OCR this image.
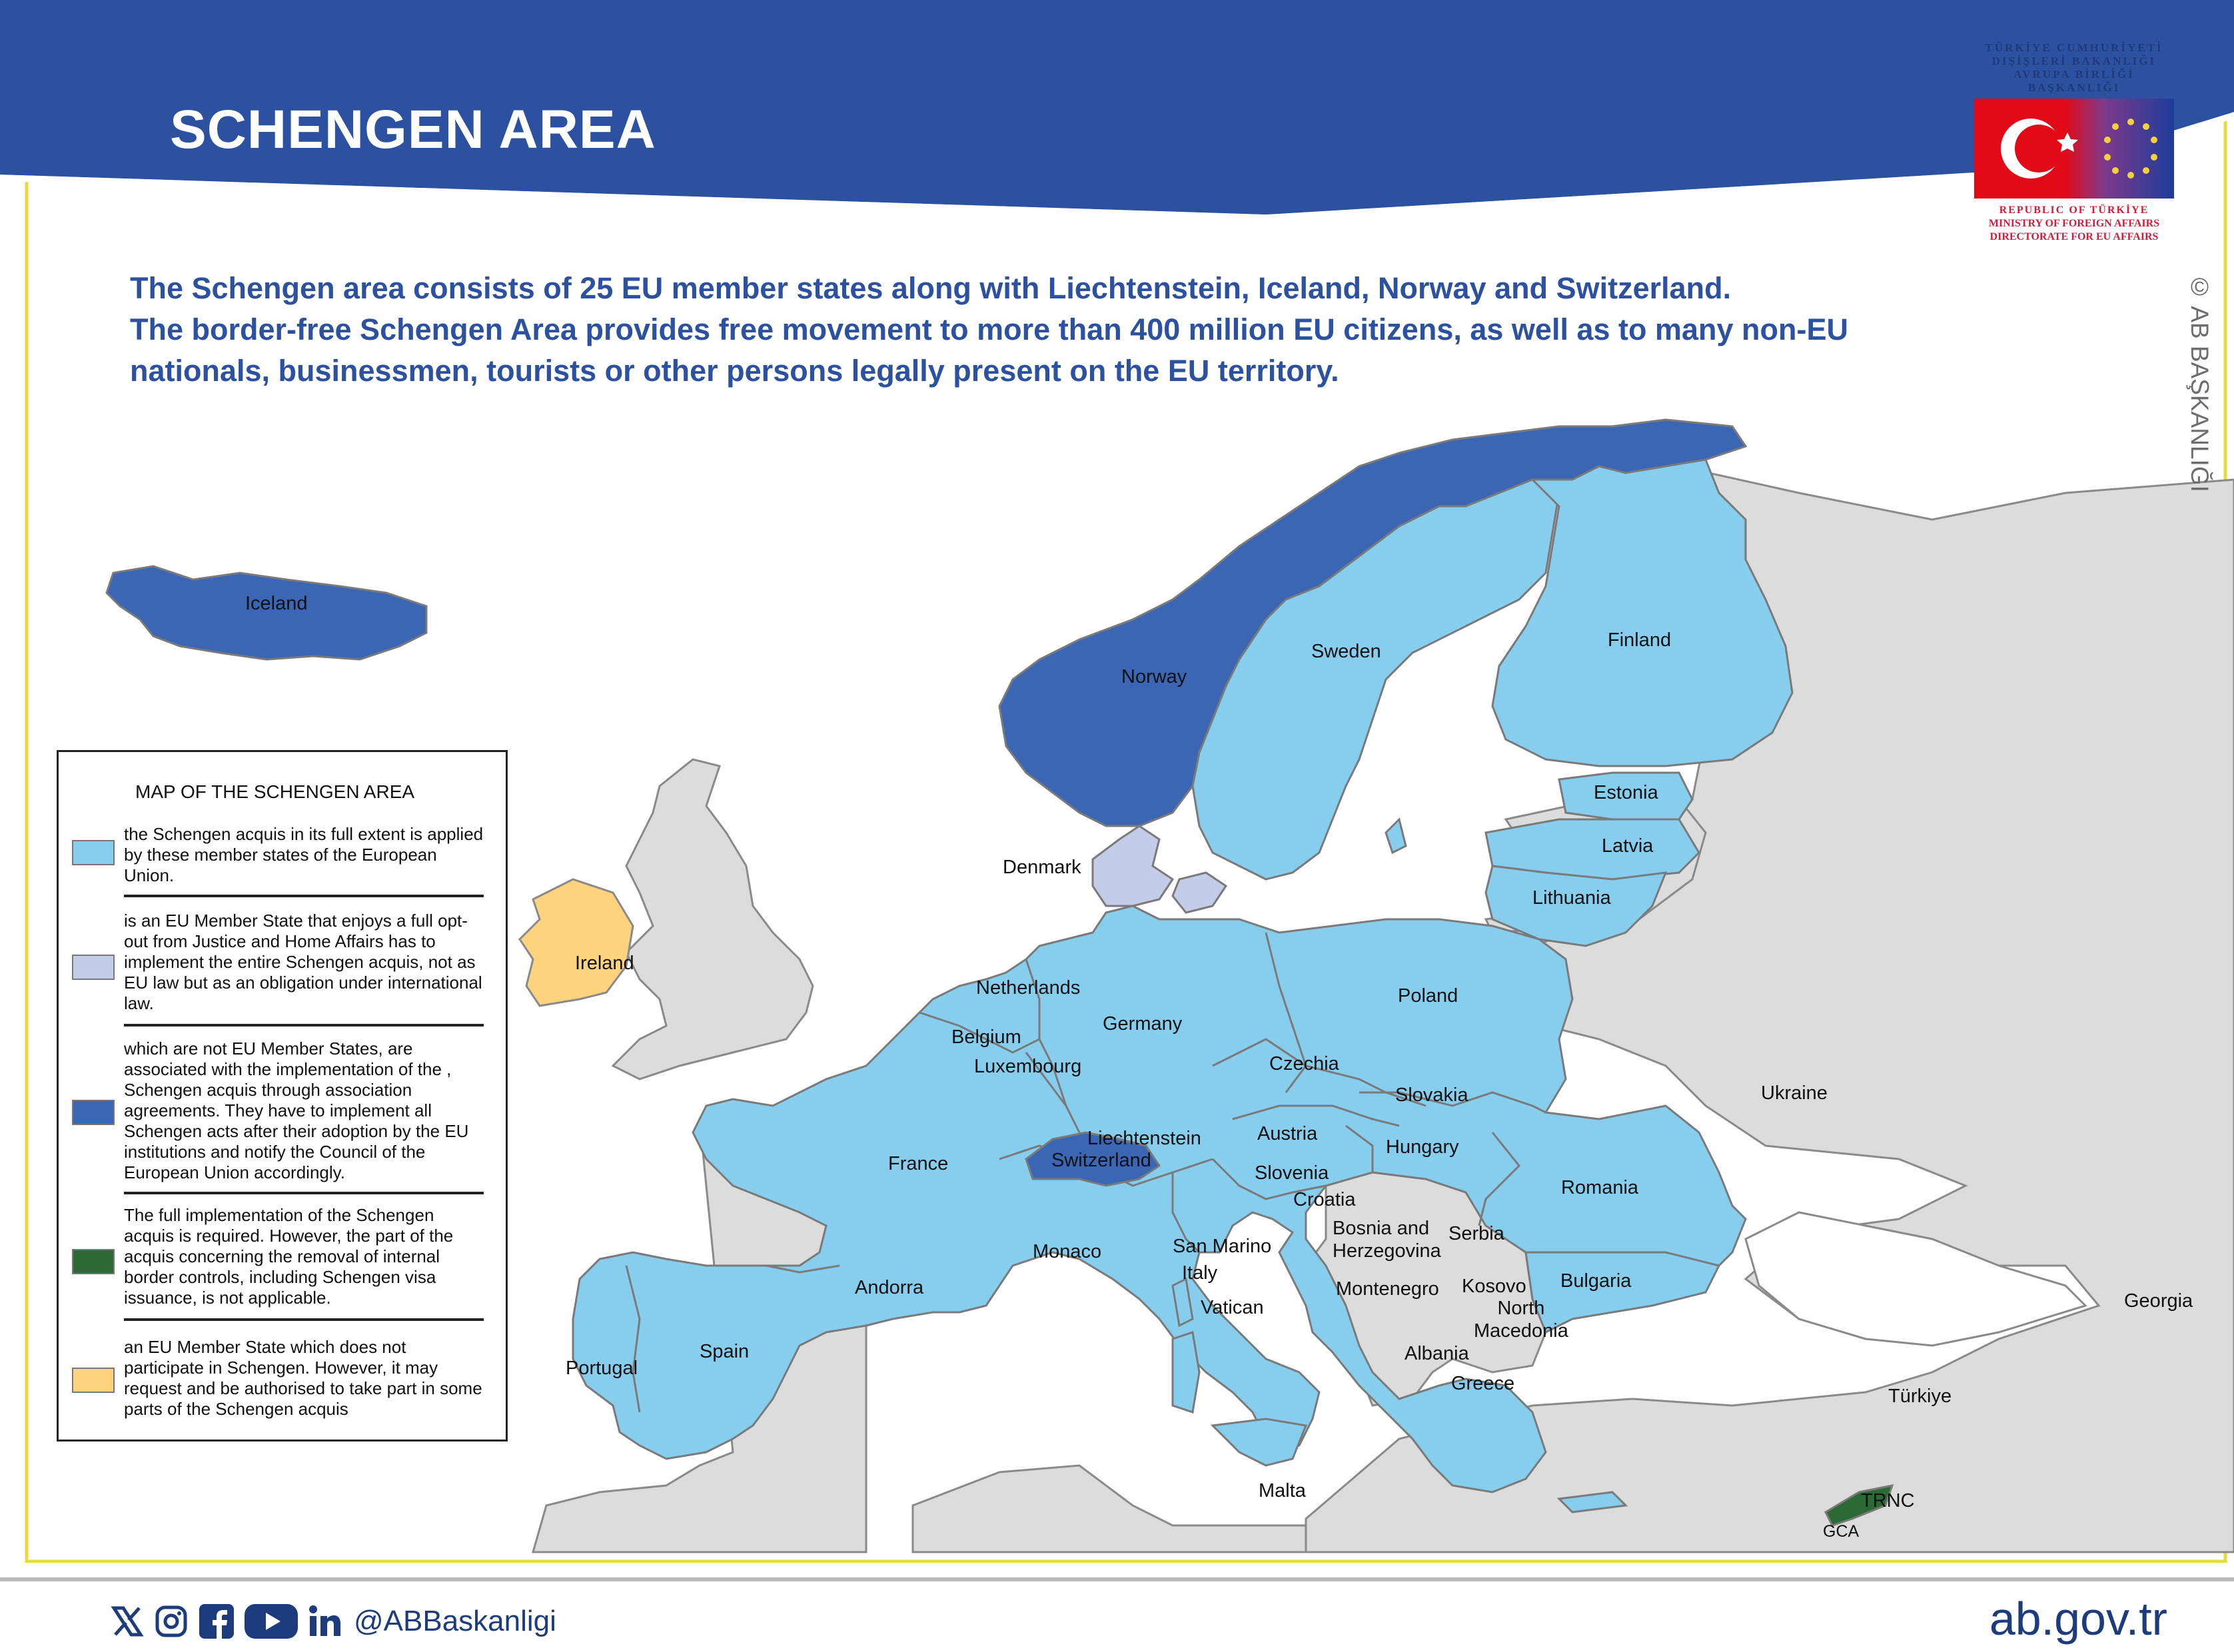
SCHENGEN AREA
TÜRKİYE CUMHURİYETİ
DIŞİŞLERİ BAKANLIĞI
AVRUPA BİRLİĞİ BAŞKANLIĞI
REPUBLIC OF TÜRKİYE
MINISTRY OF FOREIGN AFFAIRS
DIRECTORATE FOR EU AFFAIRS
© AB BAŞKANLIĞI

The Schengen area consists of 25 EU member states along with Liechtenstein, Iceland, Norway and Switzerland.

The border-free Schengen Area provides free movement to more than 400 million EU citizens, as well as to many non-EU nationals, businessmen, tourists or other persons legally present on the EU territory.

Iceland
Norway
Sweden
Finland
Estonia
Latvia
Lithuania
Denmark
Ireland
Netherlands
Belgium
Luxembourg
Germany
Poland
Czechia
Slovakia
Austria
Hungary
Liechtenstein
Switzerland
France	Slovenia
Croatia
Romania
Ukraine
Bosnia and
Herzegovina
Serbia
Montenegro Kosovo
North
Macedonia
Albania
Bulgaria
Greece
Monaco	San Marino
Italy
Vatican
Andorra
Spain
Portugal
Malta
Georgia
Türkiye
TRNC
GCA
MAP OF THE SCHENGEN AREA
the Schengen acquis in its full extent is applied by these member states of the European Union.
is an EU Member State that enjoys a full opt-out from Justice and Home Affairs has to implement the entire Schengen acquis, not as EU law but as an obligation under international law.
which are not EU Member States, are associated with the implementation of the , Schengen acquis through association agreements. They have to implement all Schengen acts after their adoption by the EU institutions and notify the Council of the European Union accordingly.
The full implementation of the Schengen acquis is required. However, the part of the acquis concerning the removal of internal border controls, including Schengen visa issuance, is not applicable.
an EU Member State which does not participate in Schengen. However, it may request and be authorised to take part in some parts of the Schengen acquis
@ABBaskanligi	ab.gov.tr
